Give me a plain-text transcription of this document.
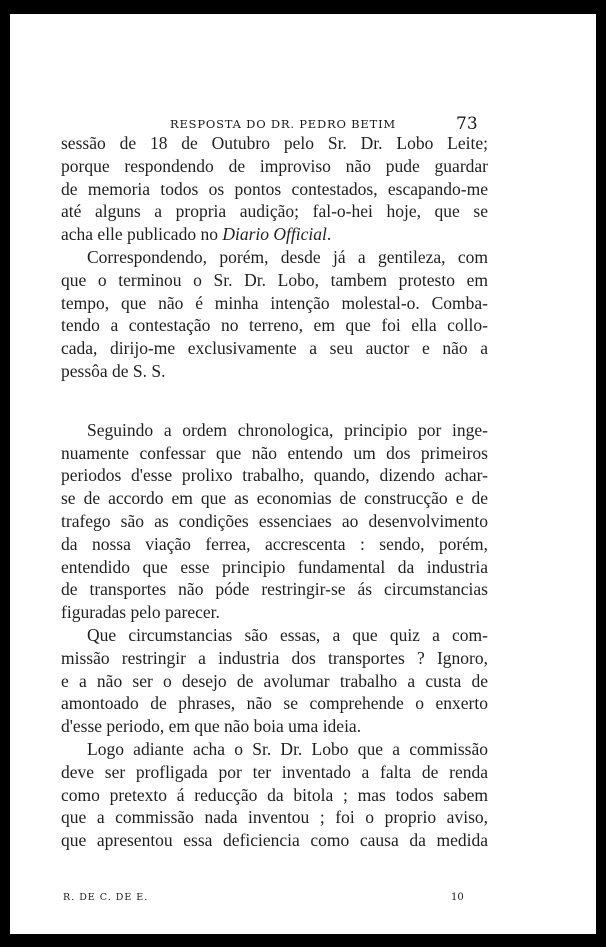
RESPOSTA DO DR. PEDRO BETIM	73
sessão de 18 de Outubro pelo Sr. Dr. Lobo Leite;
porque respondendo de improviso não pude guardar
de memoria todos os pontos contestados, escapando-me
até alguns a propria audição; fal-o-hei hoje, que se
acha elle publicado no Diario Official.
Correspondendo, porém, desde já a gentileza, com
que o terminou o Sr. Dr. Lobo, tambem protesto em
tempo, que não é minha intenção molestal-o. Comba-
tendo a contestação no terreno, em que foi ella collo-
cada, dirijo-me exclusivamente a seu auctor e não a
pessôa de S. S.
Seguindo a ordem chronologica, principio por inge-
nuamente confessar que não entendo um dos primeiros
periodos d'esse prolixo trabalho, quando, dizendo achar-
se de accordo em que as economias de construcção e de
trafego são as condições essenciaes ao desenvolvimento
da nossa viação ferrea, accrescenta : sendo, porém,
entendido que esse principio fundamental da industria
de transportes não póde restringir-se ás circumstancias
figuradas pelo parecer.
Que circumstancias são essas, a que quiz a com-
missão restringir a industria dos transportes ? Ignoro,
e a não ser o desejo de avolumar trabalho a custa de
amontoado de phrases, não se comprehende o enxerto
d'esse periodo, em que não boia uma ideia.
Logo adiante acha o Sr. Dr. Lobo que a commissão
deve ser profligada por ter inventado a falta de renda
como pretexto á reducção da bitola ; mas todos sabem
que a commissão nada inventou ; foi o proprio aviso,
que apresentou essa deficiencia como causa da medida
R. DE C. DE E.	10
